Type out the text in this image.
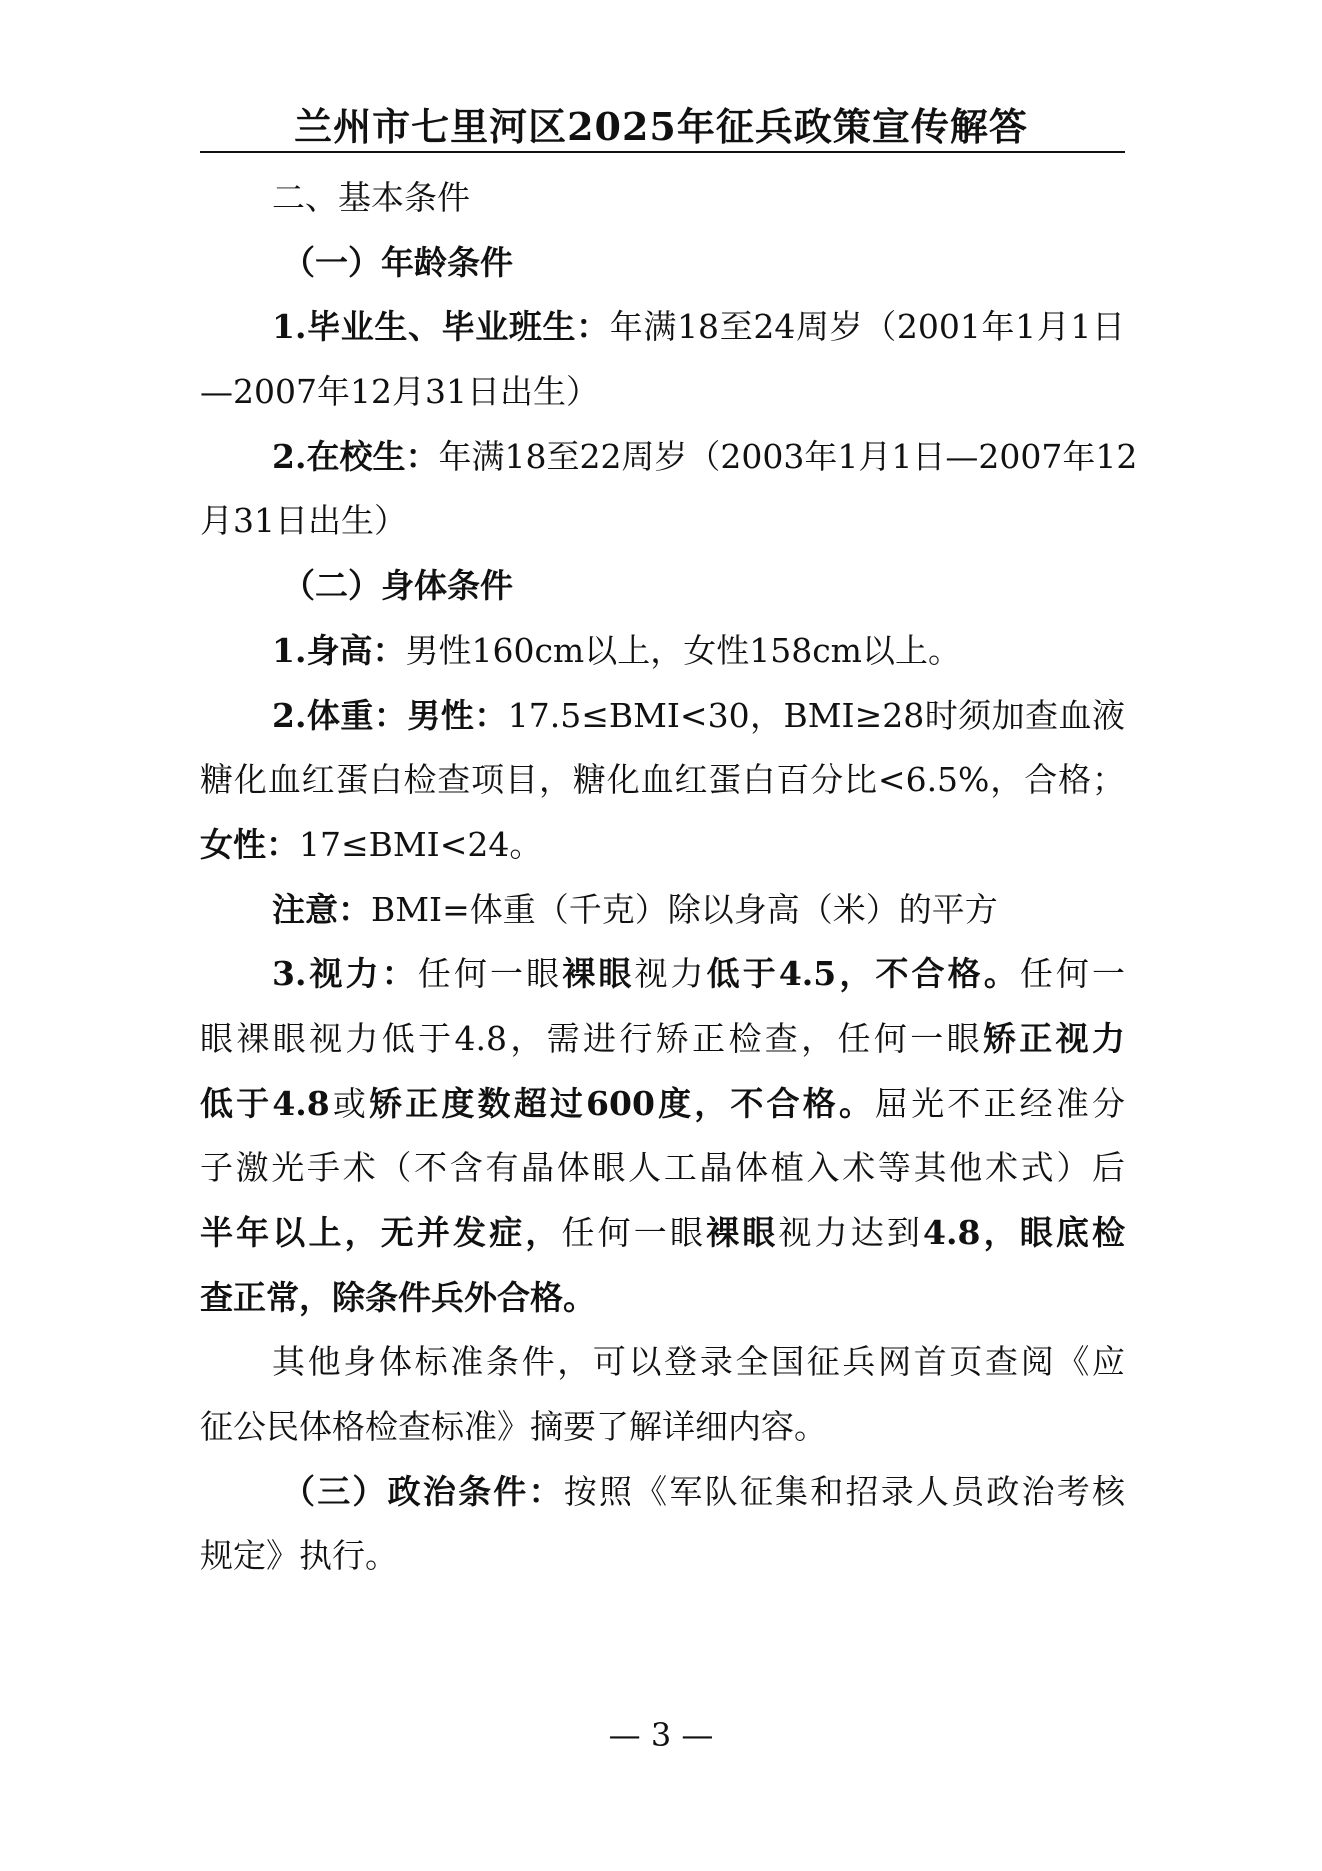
兰州市七里河区2025年征兵政策宣传解答
二、基本条件
（一）年龄条件
1.毕业生、毕业班生：年满18至24周岁（2001年1月1日
—2007年12月31日出生）
2.在校生：年满18至22周岁（2003年1月1日—2007年12
月31日出生）
（二）身体条件
1.身高：男性160cm以上，女性158cm以上。
2.体重：男性：17.5≤BMI<30，BMI≥28时须加查血液
糖化血红蛋白检查项目，糖化血红蛋白百分比<6.5%，合格；
女性：17≤BMI<24。
注意：BMI=体重（千克）除以身高（米）的平方
3.视力：任何一眼裸眼视力低于4.5，不合格。任何一
眼裸眼视力低于4.8，需进行矫正检查，任何一眼矫正视力
低于4.8或矫正度数超过600度，不合格。屈光不正经准分
子激光手术（不含有晶体眼人工晶体植入术等其他术式）后
半年以上，无并发症，任何一眼裸眼视力达到4.8，眼底检
查正常，除条件兵外合格。
其他身体标准条件，可以登录全国征兵网首页查阅《应
征公民体格检查标准》摘要了解详细内容。
（三）政治条件：按照《军队征集和招录人员政治考核
规定》执行。
— 3 —
